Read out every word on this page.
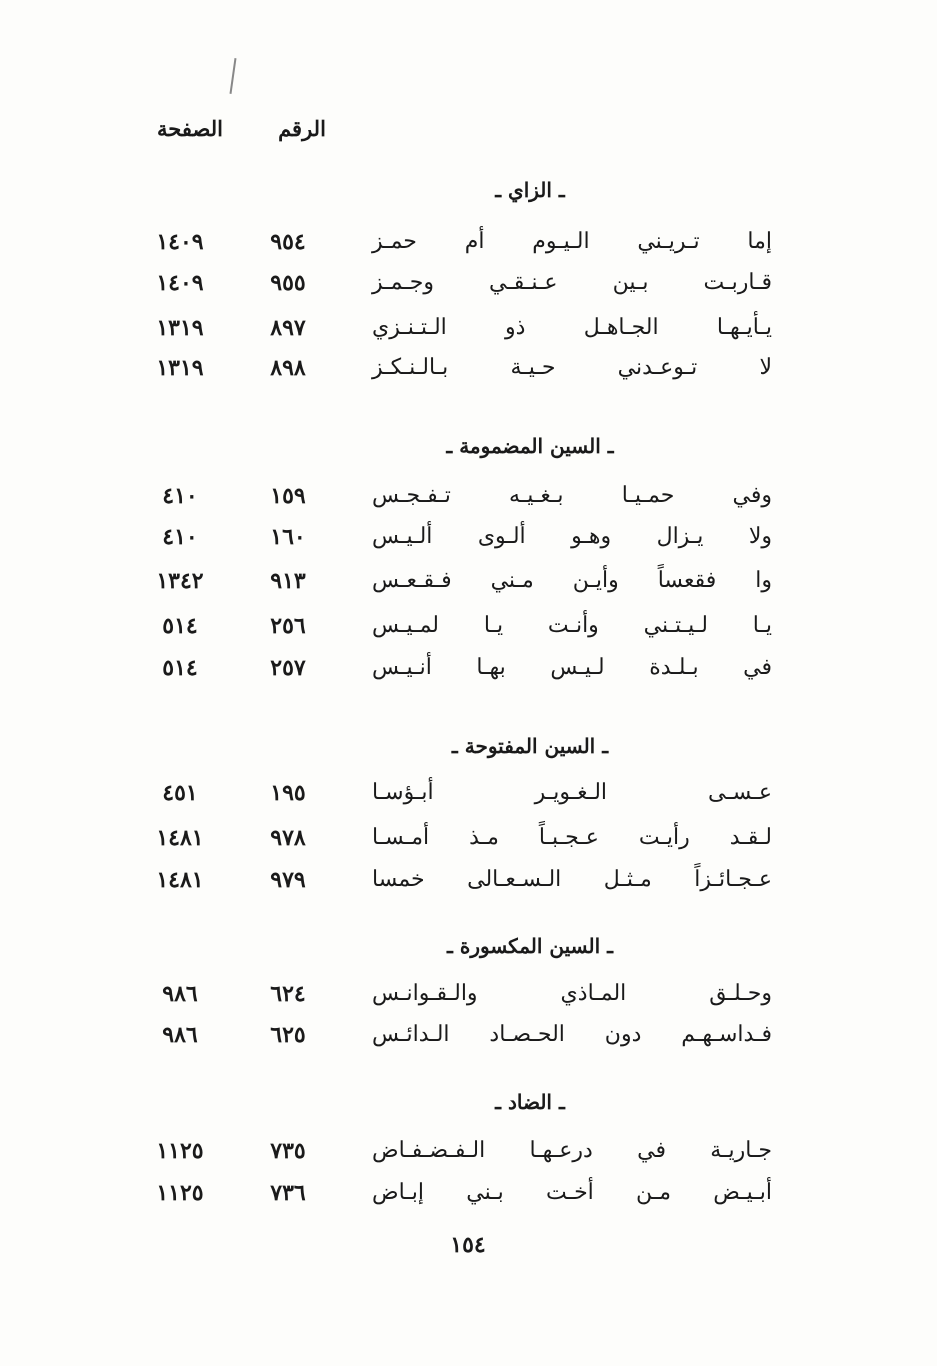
الصفحة	الرقم
ـ الزاي ـ
إما تـريـني الـيـوم أم حمـز
٩٥٤
١٤٠٩
قـاربـت بـين عـنـقـي وجـمـز
٩٥٥
١٤٠٩
يـأيـهـا الجـاهـل ذو الـتـنـزي
٨٩٧
١٣١٩
لا تـوعـدني حـيـة بـالـنـكـز
٨٩٨
١٣١٩
ـ السين المضمومة ـ
وفي حمـيـا بـغـيـه تـفـجـس
١٥٩
٤١٠
ولا يـزال وهـو ألـوى ألـيـس
١٦٠
٤١٠
وا فقعساً وأيـن مـني فـقـعـس
٩١٣
١٣٤٢
يـا لـيـتـني وأنـت يـا لمـيـس
٢٥٦
٥١٤
في بـلـدة لـيـس بهـا أنـيـس
٢٥٧
٥١٤
ـ السين المفتوحة ـ
عـسـى الـغـويـر أبـؤسـا
١٩٥
٤٥١
لـقـد رأيـت عـجـبـاً مـذ أمـسـا
٩٧٨
١٤٨١
عـجـائـزاً مـثـل الـسـعـالى خمسا
٩٧٩
١٤٨١
ـ السين المكسورة ـ
وحـلـق المـاذي والـقـوانـس
٦٢٤
٩٨٦
فـداسـهـم دون الحـصـاد الـدائـس
٦٢٥
٩٨٦
ـ الضاد ـ
جـاريـة في درعـهـا الـفـضـفـاض
٧٣٥
١١٢٥
أبـيـض مـن أخـت بـني إبـاض
٧٣٦
١١٢٥
١٥٤
